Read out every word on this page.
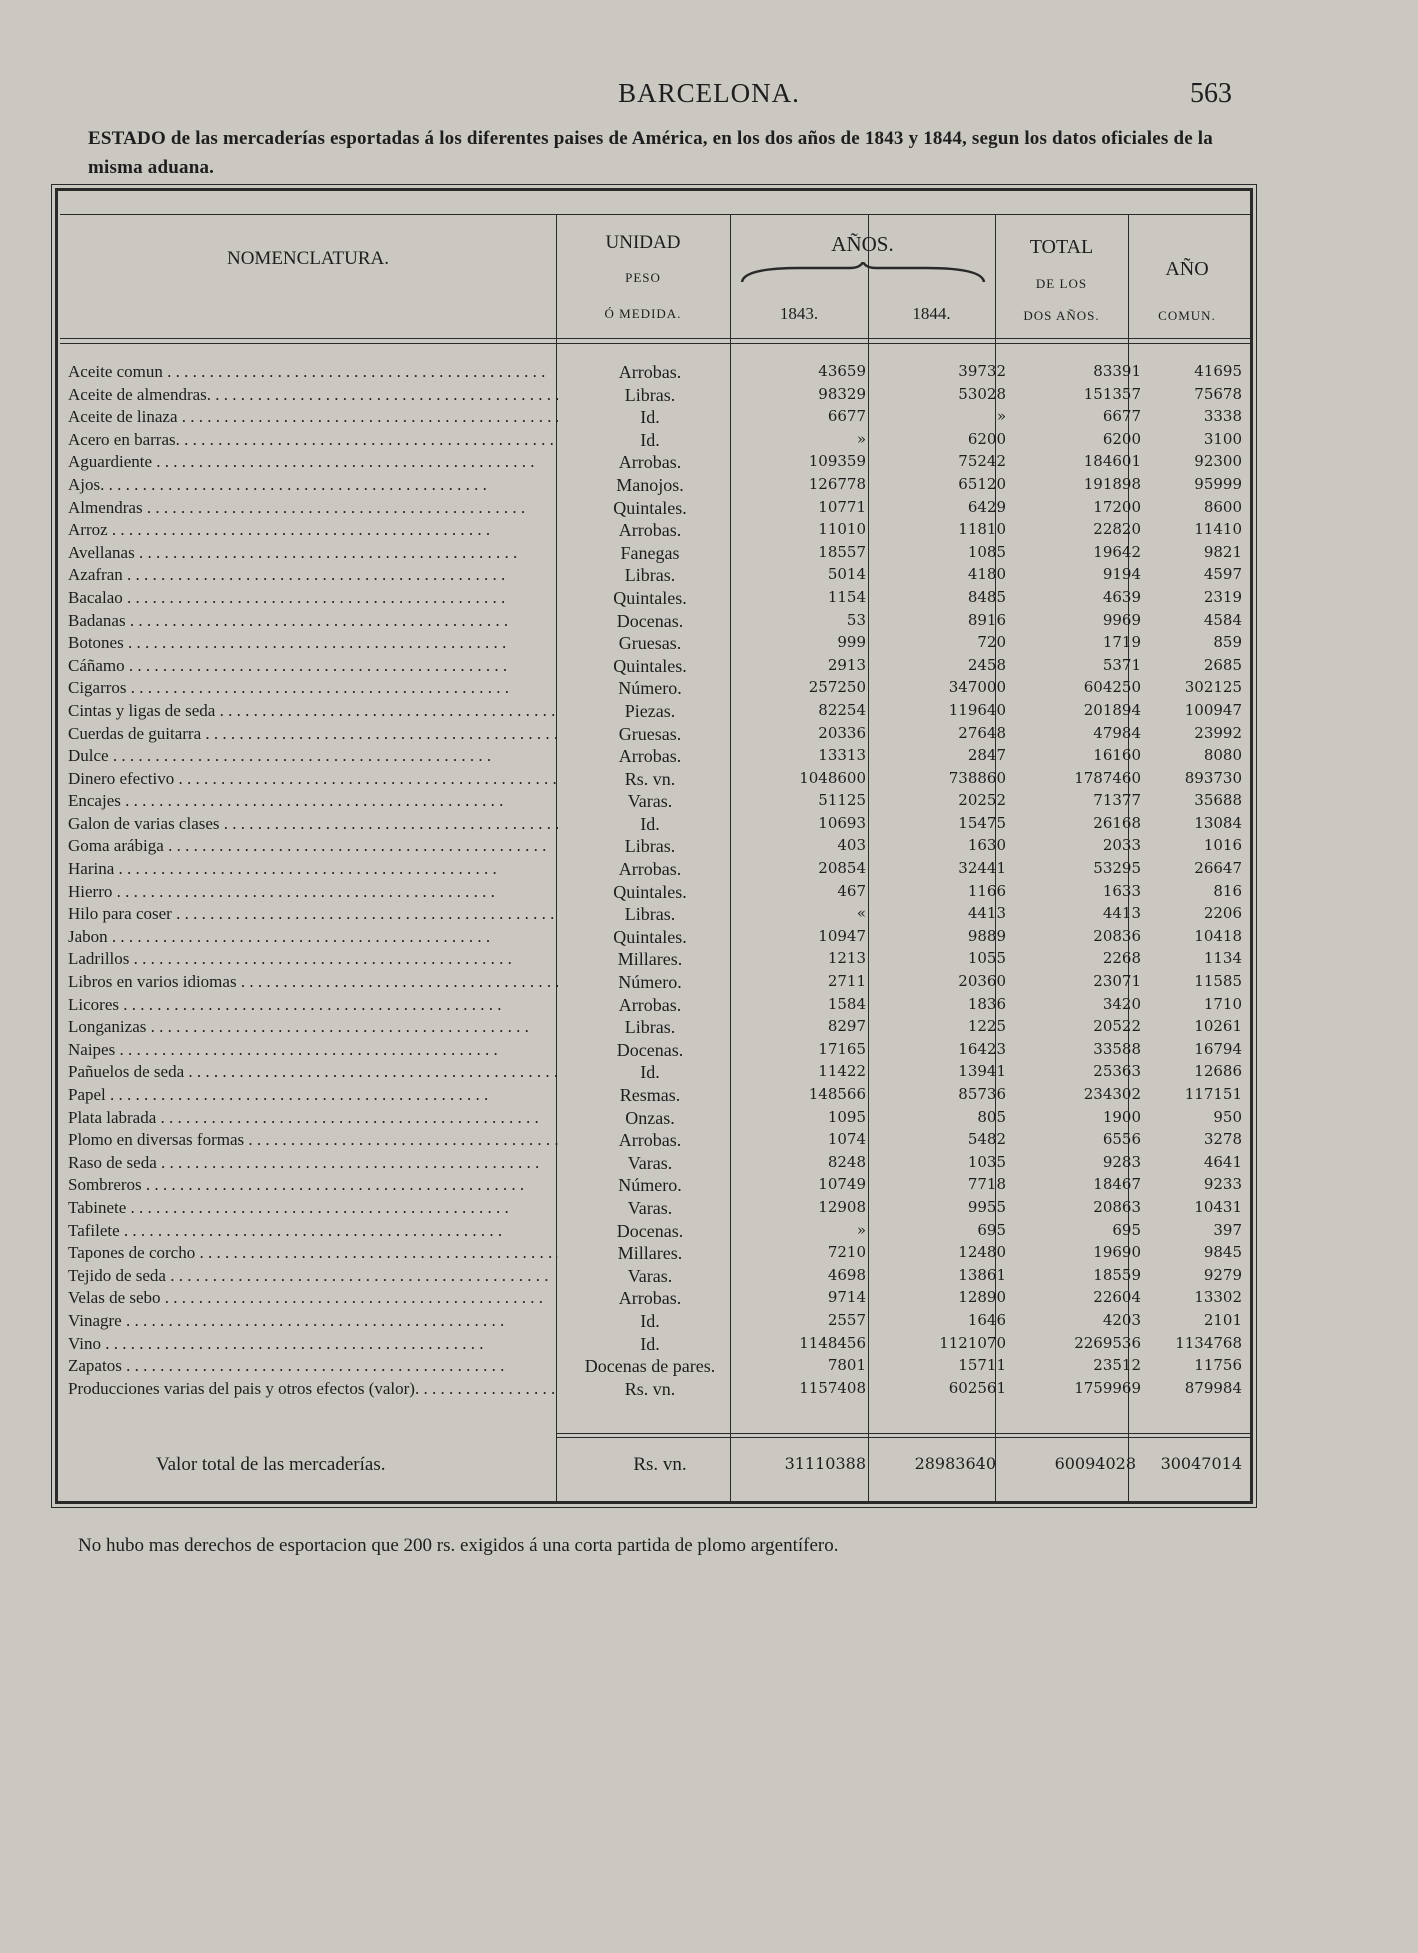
BARCELONA.	563
ESTADO de las mercaderías esportadas á los diferentes paises de América, en los dos años de 1843 y 1844, segun los datos oficiales de la misma aduana.
NOMENCLATURA.
UNIDAD
PESO
Ó MEDIDA.
AÑOS.
1843.	1844.
TOTAL
DE LOS
DOS AÑOS.
AÑO
COMUN.
Aceite comun . . .	Arrobas.	43659	39732	83391	41695
Aceite de almendras. . . .	Libras.	98329	53028	151357	75678
Aceite de linaza . . .	Id.	6677	»	6677	3338
Acero en barras. . . .	Id.	»	6200	6200	3100
Aguardiente . . .	Arrobas.	109359	75242	184601	92300
Ajos. . . .	Manojos.	126778	65120	191898	95999
Almendras . . .	Quintales.	10771	6429	17200	8600
Arroz . . .	Arrobas.	11010	11810	22820	11410
Avellanas . . .	Fanegas	18557	1085	19642	9821
Azafran . . .	Libras.	5014	4180	9194	4597
Bacalao . . .	Quintales.	1154	8485	4639	2319
Badanas . . .	Docenas.	53	8916	9969	4584
Botones . . .	Gruesas.	999	720	1719	859
Cáñamo . . .	Quintales.	2913	2458	5371	2685
Cigarros . . .	Número.	257250	347000	604250	302125
Cintas y ligas de seda . . .	Piezas.	82254	119640	201894	100947
Cuerdas de guitarra . . .	Gruesas.	20336	27648	47984	23992
Dulce . . .	Arrobas.	13313	2847	16160	8080
Dinero efectivo . . .	Rs. vn.	1048600	738860	1787460	893730
Encajes . . .	Varas.	51125	20252	71377	35688
Galon de varias clases . . .	Id.	10693	15475	26168	13084
Goma arábiga . . .	Libras.	403	1630	2033	1016
Harina . . .	Arrobas.	20854	32441	53295	26647
Hierro . . .	Quintales.	467	1166	1633	816
Hilo para coser . . .	Libras.	«	4413	4413	2206
Jabon . . .	Quintales.	10947	9889	20836	10418
Ladrillos . . .	Millares.	1213	1055	2268	1134
Libros en varios idiomas . . .	Número.	2711	20360	23071	11585
Licores . . .	Arrobas.	1584	1836	3420	1710
Longanizas . . .	Libras.	8297	1225	20522	10261
Naipes . . .	Docenas.	17165	16423	33588	16794
Pañuelos de seda . . .	Id.	11422	13941	25363	12686
Papel . . .	Resmas.	148566	85736	234302	117151
Plata labrada . . .	Onzas.	1095	805	1900	950
Plomo en diversas formas . . .	Arrobas.	1074	5482	6556	3278
Raso de seda . . .	Varas.	8248	1035	9283	4641
Sombreros . . .	Número.	10749	7718	18467	9233
Tabinete . . .	Varas.	12908	9955	20863	10431
Tafilete . . .	Docenas.	»	695	695	397
Tapones de corcho . . .	Millares.	7210	12480	19690	9845
Tejido de seda . . .	Varas.	4698	13861	18559	9279
Velas de sebo . . .	Arrobas.	9714	12890	22604	13302
Vinagre . . .	Id.	2557	1646	4203	2101
Vino . . .	Id.	1148456	1121070	2269536	1134768
Zapatos . . .	Docenas de pares.	7801	15711	23512	11756
Producciones varias del pais y otros efectos (valor). . . .	Rs. vn.	1157408	602561	1759969	879984
Valor total de las mercaderías.	Rs. vn.	31110388	28983640	60094028	30047014
No hubo mas derechos de esportacion que 200 rs. exigidos á una corta partida de plomo argentífero.
